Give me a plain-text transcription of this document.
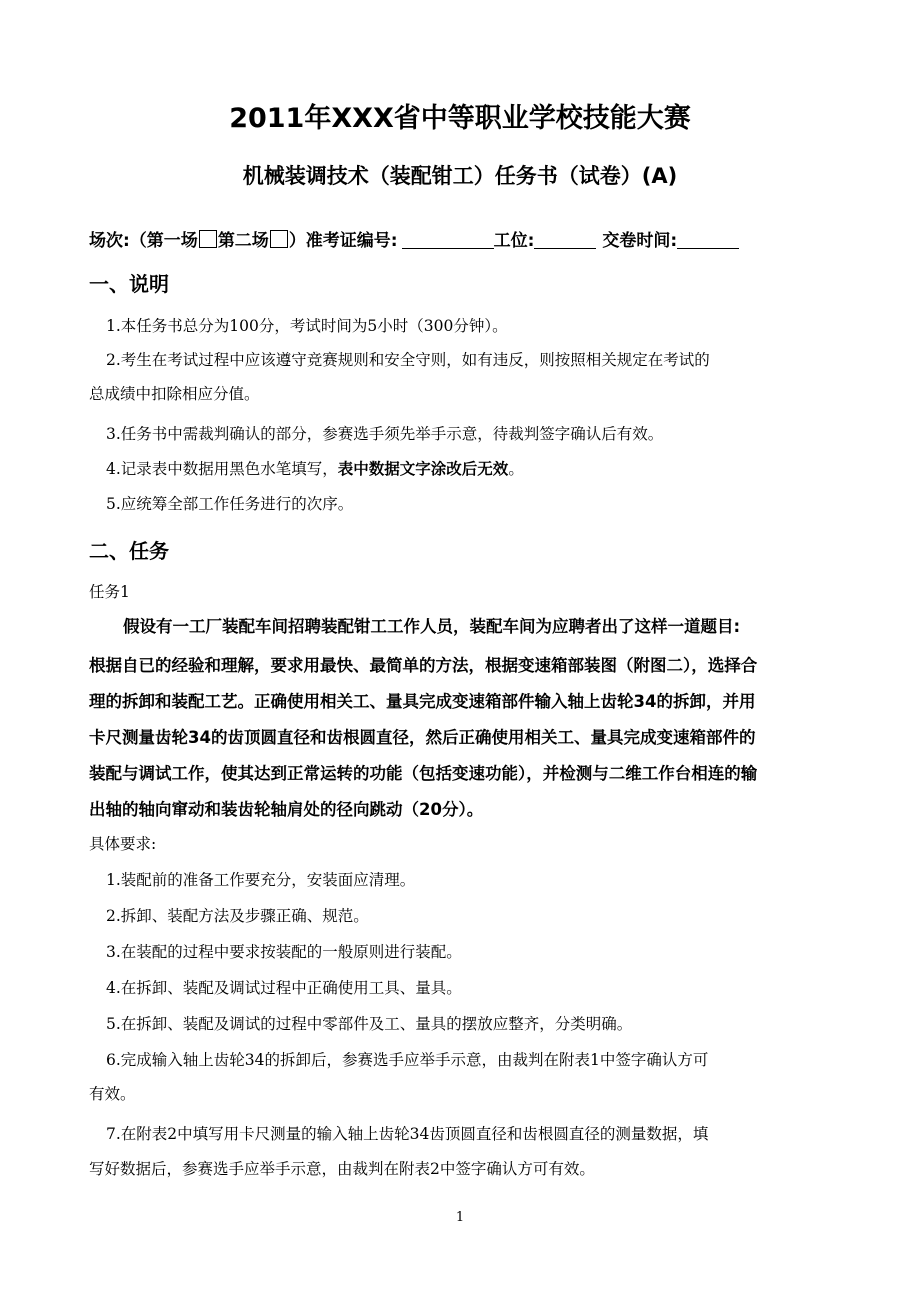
2011年XXX省中等职业学校技能大赛
机械装调技术（装配钳工）任务书（试卷）(A)
场次:（第一场 第二场 ）准考证编号:	工位:	交卷时间:
一、说明
1.本任务书总分为100分，考试时间为5小时（300分钟）。
2.考生在考试过程中应该遵守竞赛规则和安全守则，如有违反，则按照相关规定在考试的
总成绩中扣除相应分值。
3.任务书中需裁判确认的部分，参赛选手须先举手示意，待裁判签字确认后有效。
4.记录表中数据用黑色水笔填写，表中数据文字涂改后无效。
5.应统筹全部工作任务进行的次序。
二、任务
任务1
假设有一工厂装配车间招聘装配钳工工作人员，装配车间为应聘者出了这样一道题目:
根据自已的经验和理解，要求用最快、最简单的方法，根据变速箱部装图（附图二），选择合
理的拆卸和装配工艺。正确使用相关工、量具完成变速箱部件输入轴上齿轮34的拆卸，并用
卡尺测量齿轮34的齿顶圆直径和齿根圆直径，然后正确使用相关工、量具完成变速箱部件的
装配与调试工作，使其达到正常运转的功能（包括变速功能），并检测与二维工作台相连的输
出轴的轴向窜动和装齿轮轴肩处的径向跳动（20分）。
具体要求:
1.装配前的准备工作要充分，安装面应清理。
2.拆卸、装配方法及步骤正确、规范。
3.在装配的过程中要求按装配的一般原则进行装配。
4.在拆卸、装配及调试过程中正确使用工具、量具。
5.在拆卸、装配及调试的过程中零部件及工、量具的摆放应整齐，分类明确。
6.完成输入轴上齿轮34的拆卸后，参赛选手应举手示意，由裁判在附表1中签字确认方可
有效。
7.在附表2中填写用卡尺测量的输入轴上齿轮34齿顶圆直径和齿根圆直径的测量数据，填
写好数据后，参赛选手应举手示意，由裁判在附表2中签字确认方可有效。
1
